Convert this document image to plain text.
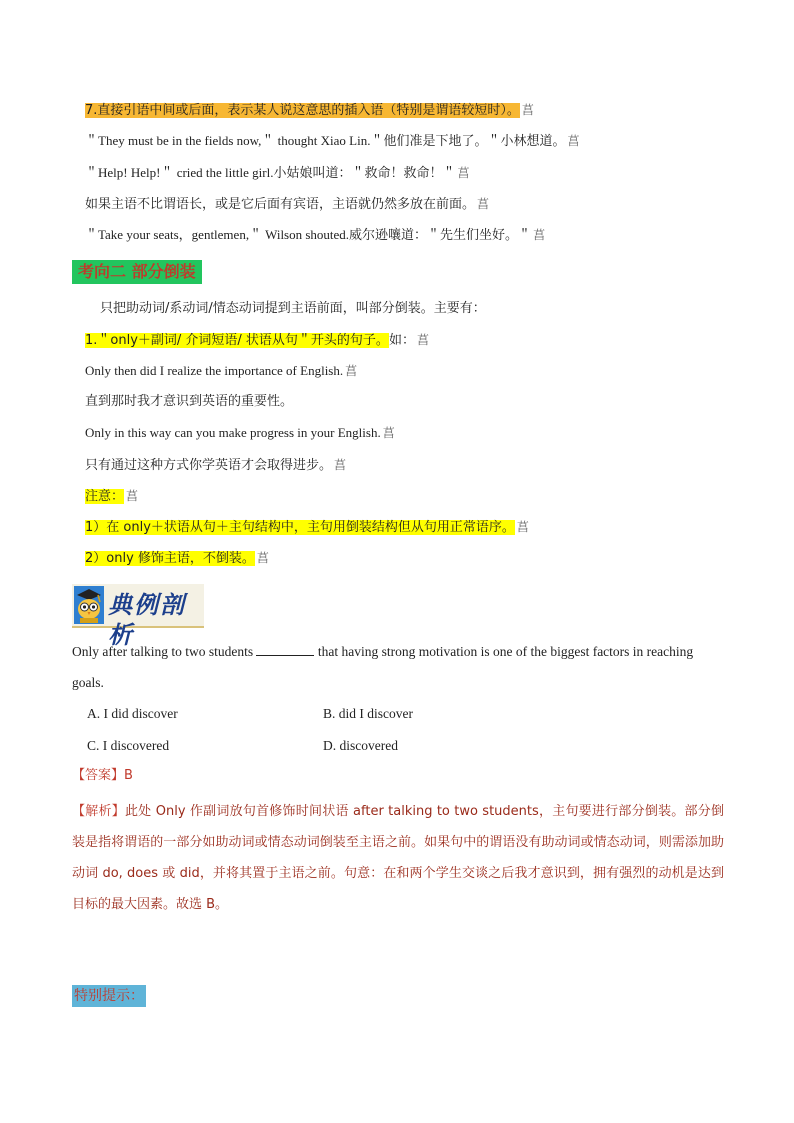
7.直接引语中间或后面，表示某人说这意思的插入语（特别是谓语较短时）。 菖
＂They must be in the fields now,＂ thought Xiao Lin.＂他们准是下地了。＂小林想道。 菖
＂Help! Help!＂ cried the little girl.小姑娘叫道：＂救命！救命！＂ 菖
如果主语不比谓语长，或是它后面有宾语，主语就仍然多放在前面。 菖
＂Take your seats，gentlemen,＂ Wilson shouted.威尔逊嚷道：＂先生们坐好。＂ 菖
考向二 部分倒装
只把助动词/系动词/情态动词提到主语前面，叫部分倒装。主要有：
1.＂only＋副词/ 介词短语/ 状语从句＂开头的句子。如： 菖
Only then did I realize the importance of English. 菖
直到那时我才意识到英语的重要性。
Only in this way can you make progress in your English. 菖
只有通过这种方式你学英语才会取得进步。 菖
注意： 菖
1）在 only＋状语从句＋主句结构中，主句用倒装结构但从句用正常语序。 菖
2）only 修饰主语，不倒装。 菖
典例剖析
Only after talking to two students	that having strong motivation is one of the biggest factors in reaching
goals.
A. I did discover	B. did I discover
C. I discovered	D. discovered
【答案】B
【解析】此处 Only 作副词放句首修饰时间状语 after talking to two students，主句要进行部分倒装。部分倒装是指将谓语的一部分如助动词或情态动词倒装至主语之前。如果句中的谓语没有助动词或情态动词，则需添加助动词 do, does 或 did，并将其置于主语之前。句意：在和两个学生交谈之后我才意识到，拥有强烈的动机是达到目标的最大因素。故选 B。
特别提示：
